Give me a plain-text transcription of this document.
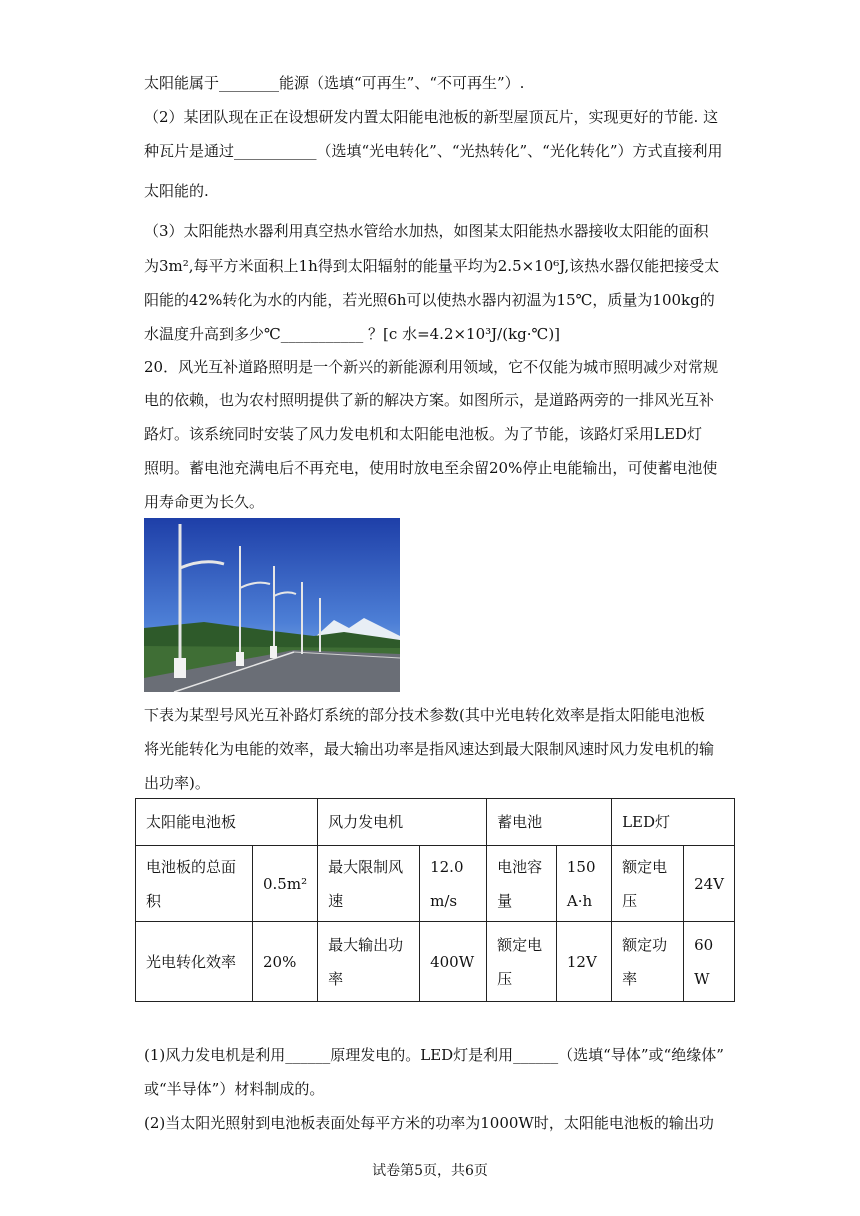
太阳能属于________能源（选填“可再生”、“不可再生”）.
（2）某团队现在正在设想研发内置太阳能电池板的新型屋顶瓦片，实现更好的节能. 这
种瓦片是通过___________（选填“光电转化”、“光热转化”、“光化转化”）方式直接利用
太阳能的.
（3）太阳能热水器利用真空热水管给水加热，如图某太阳能热水器接收太阳能的面积
为3m²,每平方米面积上1h得到太阳辐射的能量平均为2.5×10⁶J,该热水器仅能把接受太
阳能的42%转化为水的内能，若光照6h可以使热水器内初温为15℃，质量为100kg的
水温度升高到多少℃___________ ？[c 水=4.2×10³J/(kg·℃)]
20．风光互补道路照明是一个新兴的新能源利用领域，它不仅能为城市照明减少对常规
电的依赖，也为农村照明提供了新的解决方案。如图所示，是道路两旁的一排风光互补
路灯。该系统同时安装了风力发电机和太阳能电池板。为了节能，该路灯采用LED灯
照明。蓄电池充满电后不再充电，使用时放电至余留20%停止电能输出，可使蓄电池使
用寿命更为长久。
下表为某型号风光互补路灯系统的部分技术参数(其中光电转化效率是指太阳能电池板
将光能转化为电能的效率，最大输出功率是指风速达到最大限制风速时风力发电机的输
出功率)。
太阳能电池板		风力发电机		蓄电池		LED灯	
电池板的总面积	0.5m²	最大限制风速	12.0m/s	电池容量	150A·h	额定电压	24V
光电转化效率	20%	最大输出功率	400W	额定电压	12V	额定功率	60W
(1)风力发电机是利用______原理发电的。LED灯是利用______（选填“导体”或“绝缘体”
或“半导体”）材料制成的。
(2)当太阳光照射到电池板表面处每平方米的功率为1000W时，太阳能电池板的输出功
试卷第5页，共6页
